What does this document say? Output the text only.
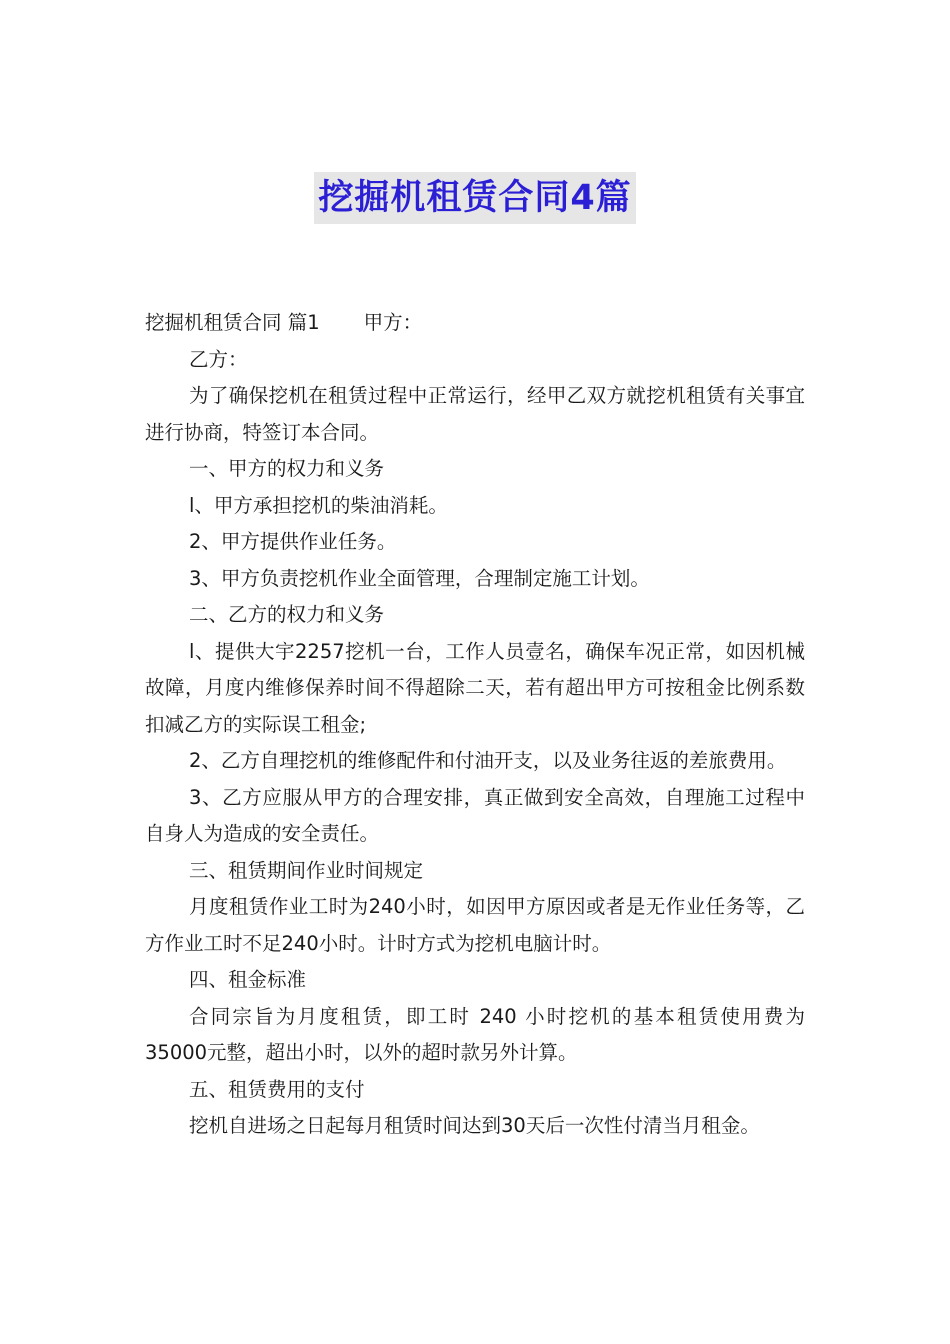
挖掘机租赁合同4篇

挖掘机租赁合同 篇1 甲方：

乙方：

为了确保挖机在租赁过程中正常运行，经甲乙双方就挖机租赁有关事宜进行协商，特签订本合同。

一、甲方的权力和义务

l、甲方承担挖机的柴油消耗。

2、甲方提供作业任务。

3、甲方负责挖机作业全面管理，合理制定施工计划。

二、乙方的权力和义务

l、提供大宇2257挖机一台，工作人员壹名，确保车况正常，如因机械故障，月度内维修保养时间不得超除二天，若有超出甲方可按租金比例系数扣减乙方的实际误工租金;

2、乙方自理挖机的维修配件和付油开支，以及业务往返的差旅费用。

3、乙方应服从甲方的合理安排，真正做到安全高效，自理施工过程中自身人为造成的安全责任。

三、租赁期间作业时间规定

月度租赁作业工时为240小时，如因甲方原因或者是无作业任务等，乙方作业工时不足240小时。计时方式为挖机电脑计时。

四、租金标准

合同宗旨为月度租赁，即工时 240 小时挖机的基本租赁使用费为35000元整，超出小时，以外的超时款另外计算。

五、租赁费用的支付

挖机自进场之日起每月租赁时间达到30天后一次性付清当月租金。
